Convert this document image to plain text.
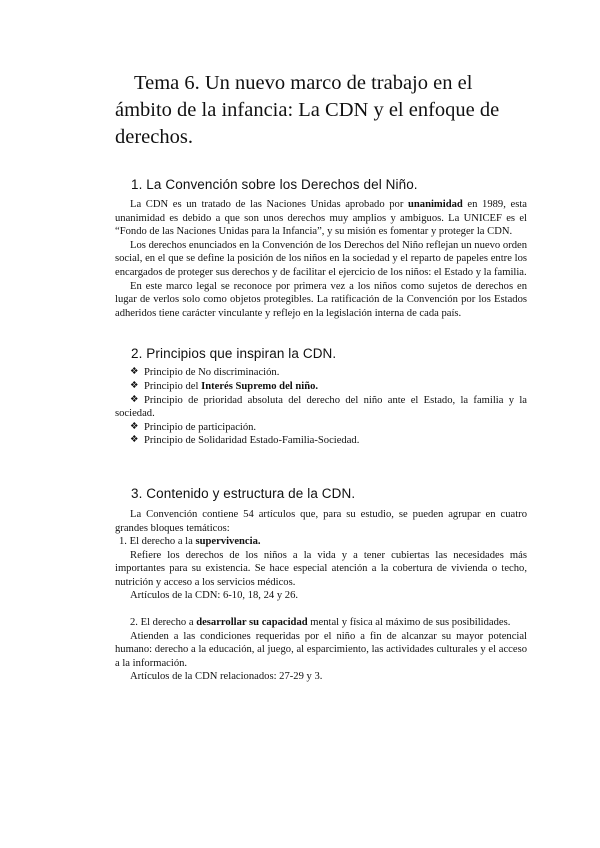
Tema 6. Un nuevo marco de trabajo en el ámbito de la infancia: La CDN y el enfoque de derechos.
1. La Convención sobre los Derechos del Niño.

La CDN es un tratado de las Naciones Unidas aprobado por unanimidad en 1989, esta unanimidad es debido a que son unos derechos muy amplios y ambiguos. La UNICEF es el “Fondo de las Naciones Unidas para la Infancia”, y su misión es fomentar y proteger la CDN.

Los derechos enunciados en la Convención de los Derechos del Niño reflejan un nuevo orden social, en el que se define la posición de los niños en la sociedad y el reparto de papeles entre los encargados de proteger sus derechos y de facilitar el ejercicio de los niños: el Estado y la familia.

En este marco legal se reconoce por primera vez a los niños como sujetos de derechos en lugar de verlos solo como objetos protegibles. La ratificación de la Convención por los Estados adheridos tiene carácter vinculante y reflejo en la legislación interna de cada país.

2. Principios que inspiran la CDN.
❖ Principio de No discriminación.
❖ Principio del Interés Supremo del niño.
❖ Principio de prioridad absoluta del derecho del niño ante el Estado, la familia y la sociedad.
❖ Principio de participación.
❖ Principio de Solidaridad Estado-Familia-Sociedad.
3. Contenido y estructura de la CDN.

La Convención contiene 54 artículos que, para su estudio, se pueden agrupar en cuatro grandes bloques temáticos:

1. El derecho a la supervivencia.

Refiere los derechos de los niños a la vida y a tener cubiertas las necesidades más importantes para su existencia. Se hace especial atención a la cobertura de vivienda o techo, nutrición y acceso a los servicios médicos.

Artículos de la CDN: 6-10, 18, 24 y 26.

2. El derecho a desarrollar su capacidad mental y física al máximo de sus posibilidades.

Atienden a las condiciones requeridas por el niño a fin de alcanzar su mayor potencial humano: derecho a la educación, al juego, al esparcimiento, las actividades culturales y el acceso a la información.

Artículos de la CDN relacionados: 27-29 y 3.
